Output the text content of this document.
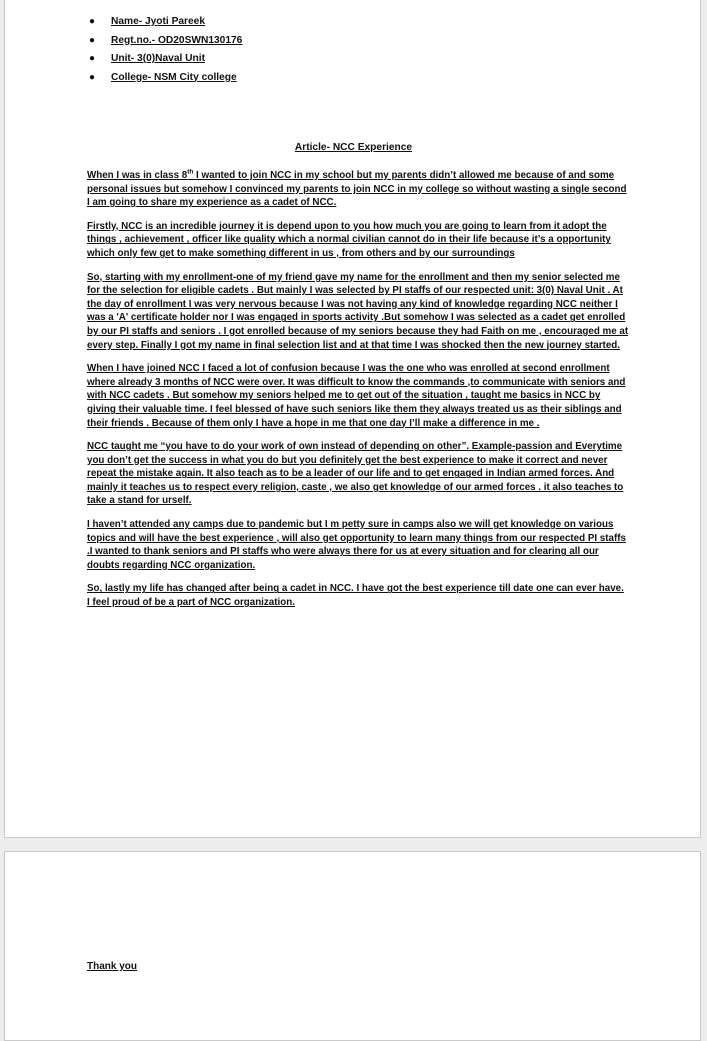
● Name- Jyoti Pareek
● Regt.no.- OD20SWN130176
● Unit- 3(0)Naval Unit
● College- NSM City college
Article- NCC Experience

When I was in class 8th I wanted to join NCC in my school but my parents didn’t allowed me because of and some personal issues but somehow I convinced my parents to join NCC in my college so without wasting a single second I am going to share my experience as a cadet of NCC.

Firstly, NCC is an incredible journey it is depend upon to you how much you are going to learn from it adopt the things , achievement , officer like quality which a normal civilian cannot do in their life because it’s a opportunity which only few get to make something different in us , from others and by our surroundings

So, starting with my enrollment-one of my friend gave my name for the enrollment and then my senior selected me for the selection for eligible cadets . But mainly I was selected by PI staffs of our respected unit: 3(0) Naval Unit . At the day of enrollment I was very nervous because I was not having any kind of knowledge regarding NCC neither I was a 'A' certificate holder nor I was engaged in sports activity .But somehow I was selected as a cadet get enrolled by our PI staffs and seniors . I got enrolled because of my seniors because they had Faith on me , encouraged me at every step. Finally I got my name in final selection list and at that time I was shocked then the new journey started.

When I have joined NCC I faced a lot of confusion because I was the one who was enrolled at second enrollment where already 3 months of NCC were over. It was difficult to know the commands ,to communicate with seniors and with NCC cadets . But somehow my seniors helped me to get out of the situation , taught me basics in NCC by giving their valuable time. I feel blessed of have such seniors like them they always treated us as their siblings and their friends . Because of them only I have a hope in me that one day I’ll make a difference in me .

NCC taught me “you have to do your work of own instead of depending on other”. Example-passion and Everytime you don’t get the success in what you do but you definitely get the best experience to make it correct and never repeat the mistake again. It also teach as to be a leader of our life and to get engaged in Indian armed forces. And mainly it teaches us to respect every religion, caste , we also get knowledge of our armed forces . it also teaches to take a stand for urself.

I haven’t attended any camps due to pandemic but I m petty sure in camps also we will get knowledge on various topics and will have the best experience , will also get opportunity to learn many things from our respected PI staffs .I wanted to thank seniors and PI staffs who were always there for us at every situation and for clearing all our doubts regarding NCC organization.

So, lastly my life has changed after being a cadet in NCC. I have got the best experience till date one can ever have. I feel proud of be a part of NCC organization.

Thank you
